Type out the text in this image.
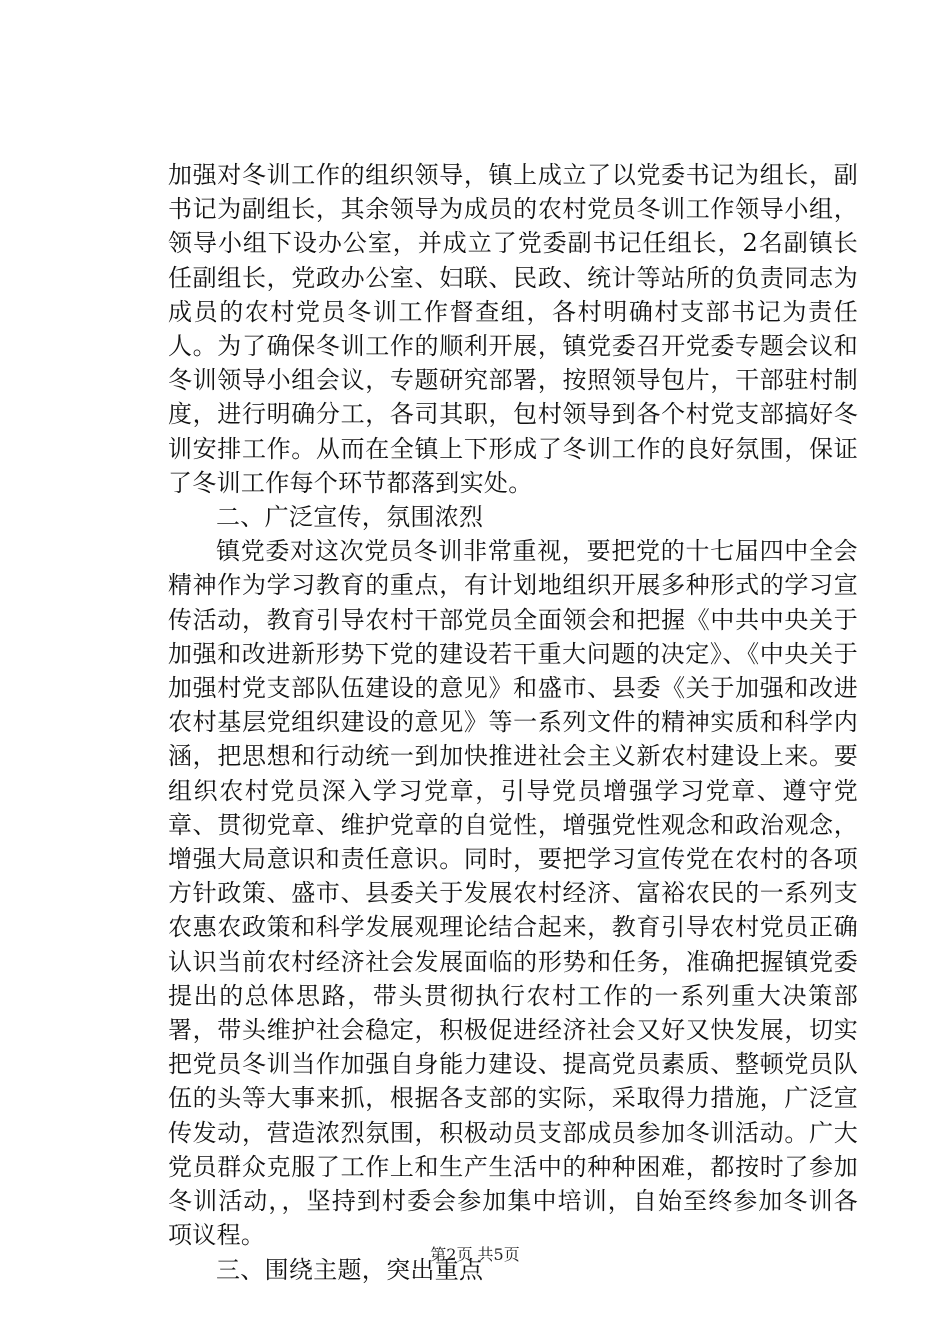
加强对冬训工作的组织领导，镇上成立了以党委书记为组长，副书记为副组长，其余领导为成员的农村党员冬训工作领导小组，领导小组下设办公室，并成立了党委副书记任组长，2名副镇长任副组长，党政办公室、妇联、民政、统计等站所的负责同志为成员的农村党员冬训工作督查组，各村明确村支部书记为责任人。为了确保冬训工作的顺利开展，镇党委召开党委专题会议和冬训领导小组会议，专题研究部署，按照领导包片，干部驻村制度，进行明确分工，各司其职，包村领导到各个村党支部搞好冬训安排工作。从而在全镇上下形成了冬训工作的良好氛围，保证了冬训工作每个环节都落到实处。

二、广泛宣传，氛围浓烈

镇党委对这次党员冬训非常重视，要把党的十七届四中全会精神作为学习教育的重点，有计划地组织开展多种形式的学习宣传活动，教育引导农村干部党员全面领会和把握《中共中央关于加强和改进新形势下党的建设若干重大问题的决定》、《中央关于加强村党支部队伍建设的意见》和盛市、县委《关于加强和改进农村基层党组织建设的意见》等一系列文件的精神实质和科学内涵，把思想和行动统一到加快推进社会主义新农村建设上来。要组织农村党员深入学习党章，引导党员增强学习党章、遵守党章、贯彻党章、维护党章的自觉性，增强党性观念和政治观念，增强大局意识和责任意识。同时，要把学习宣传党在农村的各项方针政策、盛市、县委关于发展农村经济、富裕农民的一系列支农惠农政策和科学发展观理论结合起来，教育引导农村党员正确认识当前农村经济社会发展面临的形势和任务，准确把握镇党委提出的总体思路，带头贯彻执行农村工作的一系列重大决策部署，带头维护社会稳定，积极促进经济社会又好又快发展，切实把党员冬训当作加强自身能力建设、提高党员素质、整顿党员队伍的头等大事来抓，根据各支部的实际，采取得力措施，广泛宣传发动，营造浓烈氛围，积极动员支部成员参加冬训活动。广大党员群众克服了工作上和生产生活中的种种困难，都按时了参加冬训活动，，坚持到村委会参加集中培训，自始至终参加冬训各项议程。

三、围绕主题，突出重点

第2页 共5页
